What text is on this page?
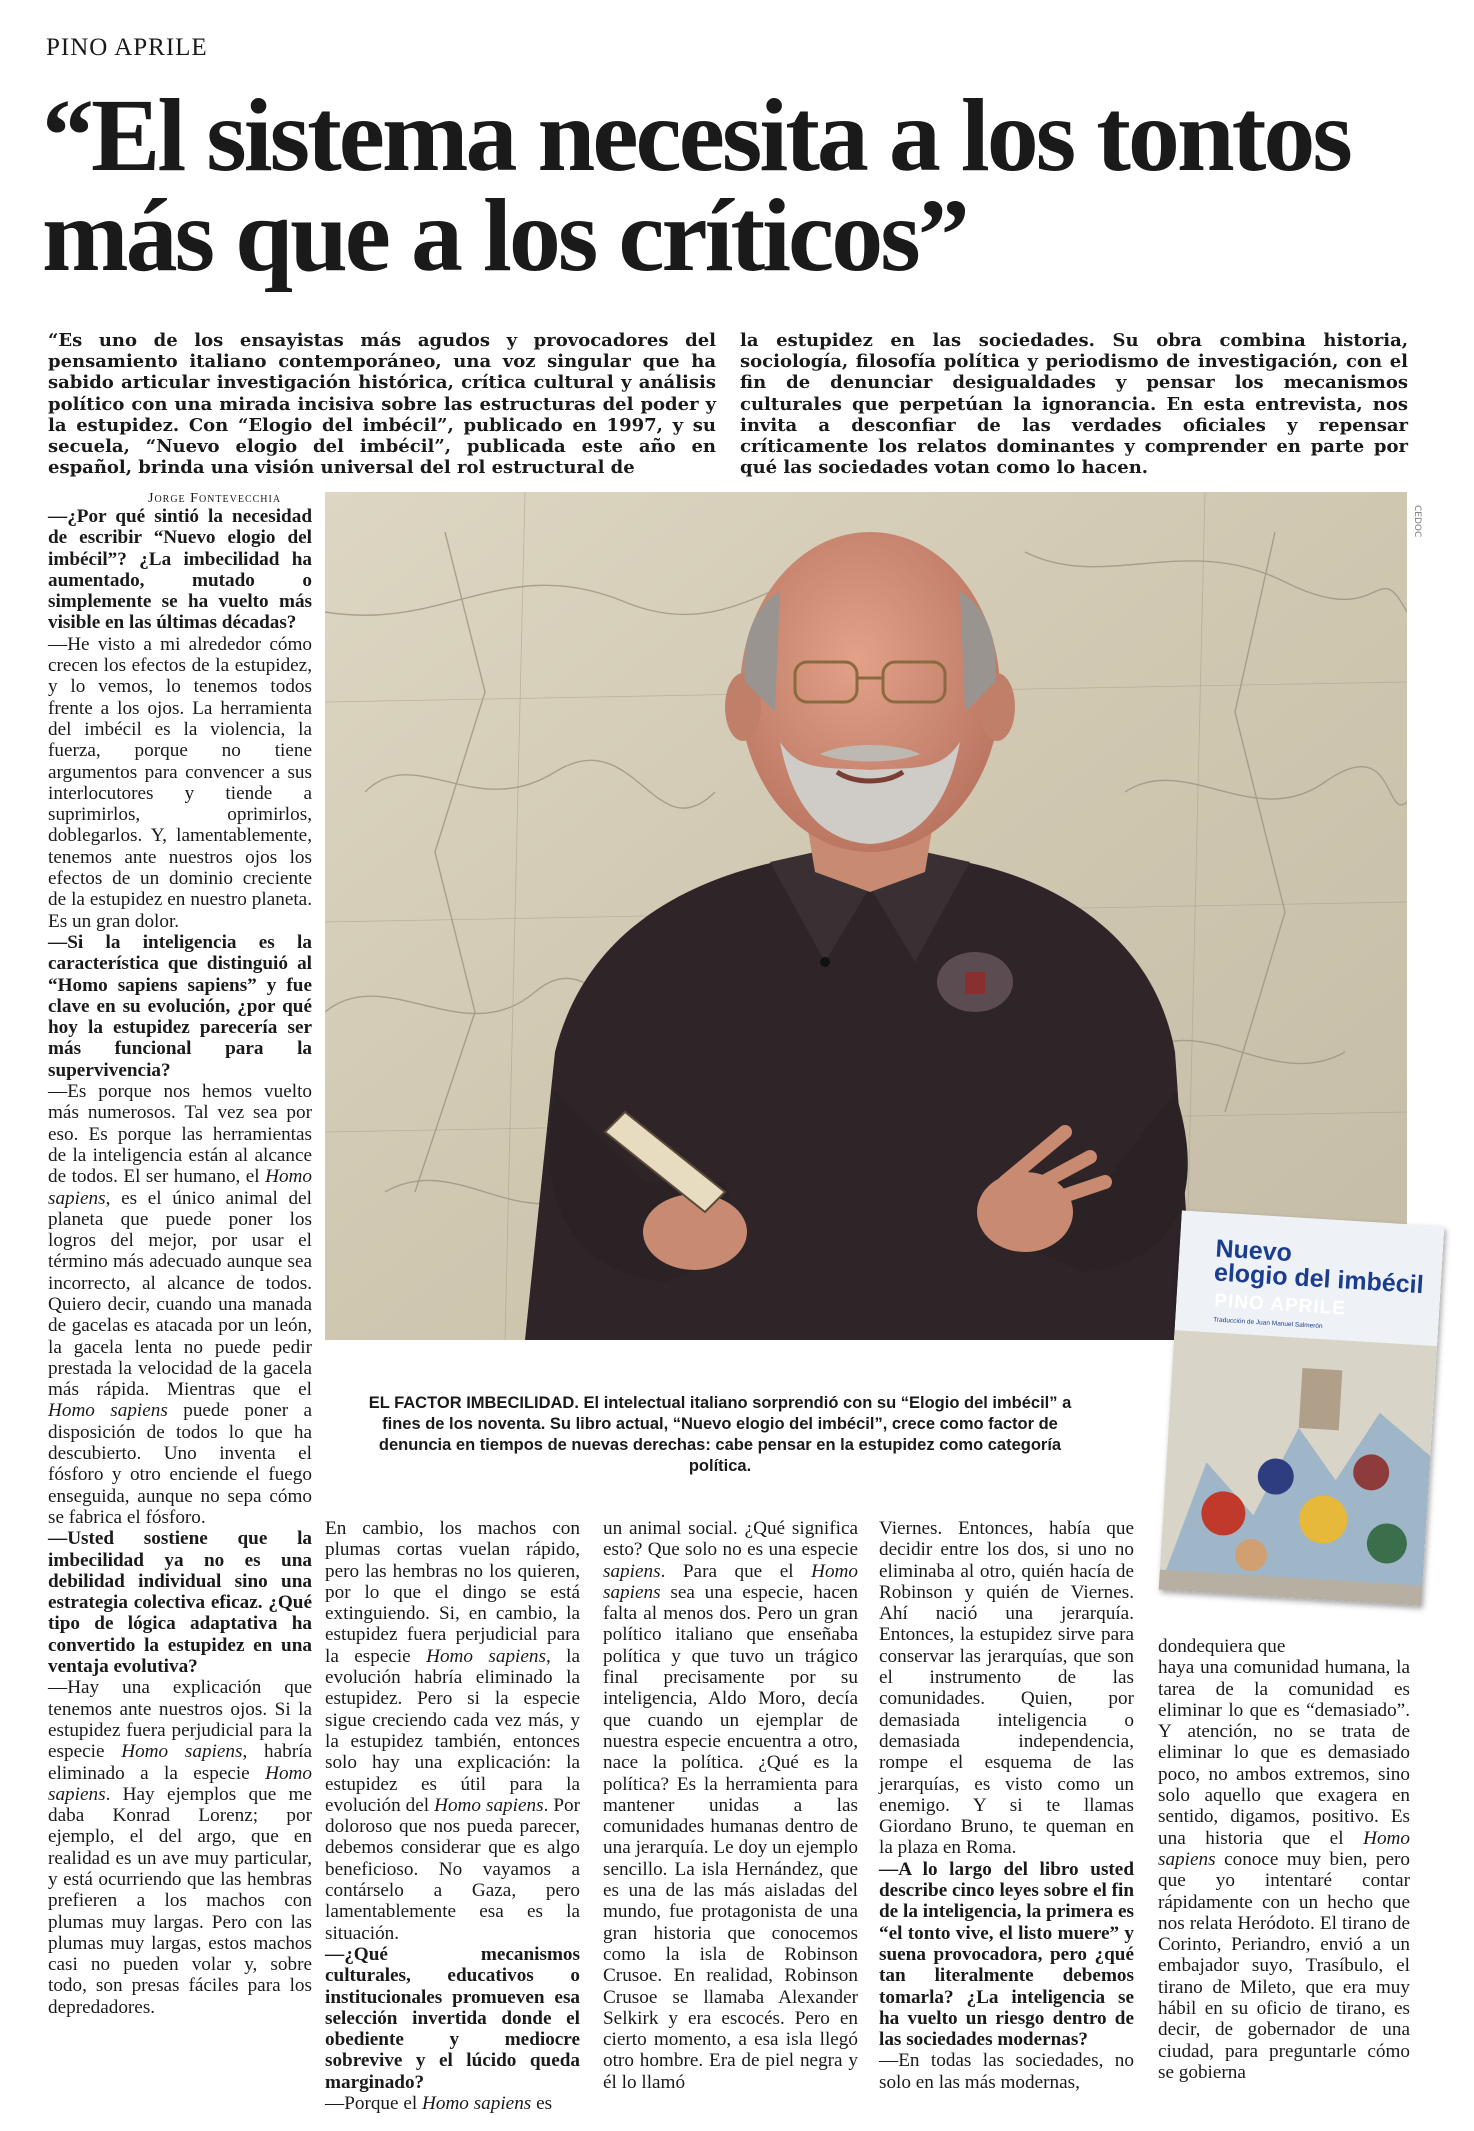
PINO APRILE
“El sistema necesita a los tontos más que a los críticos”

“Es uno de los ensayistas más agudos y provocadores del pensamiento italiano contemporáneo, una voz singular que ha sabido articular investigación histórica, crítica cultural y análisis político con una mirada incisiva sobre las estructuras del poder y la estupidez. Con “Elogio del imbécil”, publicado en 1997, y su secuela, “Nuevo elogio del imbécil”, publicada este año en español, brinda una visión universal del rol estructural de

la estupidez en las sociedades. Su obra combina historia, sociología, filosofía política y periodismo de investigación, con el fin de denunciar desigualdades y pensar los mecanismos culturales que perpetúan la ignorancia. En esta entrevista, nos invita a desconfiar de las verdades oficiales y repensar críticamente los relatos dominantes y comprender en parte por qué las sociedades votan como lo hacen.

Jorge Fontevecchia

—¿Por qué sintió la necesidad de escribir “Nuevo elogio del imbécil”? ¿La imbecilidad ha aumentado, mutado o simplemente se ha vuelto más visible en las últimas décadas?

—He visto a mi alrededor cómo crecen los efectos de la estupidez, y lo vemos, lo tenemos todos frente a los ojos. La herramienta del imbécil es la violencia, la fuerza, porque no tiene argumentos para convencer a sus interlocutores y tiende a suprimirlos, oprimirlos, doblegarlos. Y, lamentablemente, tenemos ante nuestros ojos los efectos de un dominio creciente de la estupidez en nuestro planeta. Es un gran dolor.

—Si la inteligencia es la característica que distinguió al “Homo sapiens sapiens” y fue clave en su evolución, ¿por qué hoy la estupidez parecería ser más funcional para la supervivencia?

—Es porque nos hemos vuelto más numerosos. Tal vez sea por eso. Es porque las herramientas de la inteligencia están al alcance de todos. El ser humano, el Homo sapiens, es el único animal del planeta que puede poner los logros del mejor, por usar el término más adecuado aunque sea incorrecto, al alcance de todos. Quiero decir, cuando una manada de gacelas es atacada por un león, la gacela lenta no puede pedir prestada la velocidad de la gacela más rápida. Mientras que el Homo sapiens puede poner a disposición de todos lo que ha descubierto. Uno inventa el fósforo y otro enciende el fuego enseguida, aunque no sepa cómo se fabrica el fósforo.

—Usted sostiene que la imbecilidad ya no es una debilidad individual sino una estrategia colectiva eficaz. ¿Qué tipo de lógica adaptativa ha convertido la estupidez en una ventaja evolutiva?

—Hay una explicación que tenemos ante nuestros ojos. Si la estupidez fuera perjudicial para la especie Homo sapiens, habría eliminado a la especie Homo sapiens. Hay ejemplos que me daba Konrad Lorenz; por ejemplo, el del argo, que en realidad es un ave muy particular, y está ocurriendo que las hembras prefieren a los machos con plumas muy largas. Pero con las plumas muy largas, estos machos casi no pueden volar y, sobre todo, son presas fáciles para los depredadores.

CEDOC
EL FACTOR IMBECILIDAD. El intelectual italiano sorprendió con su “Elogio del imbécil” a fines de los noventa. Su libro actual, “Nuevo elogio del imbécil”, crece como factor de denuncia en tiempos de nuevas derechas: cabe pensar en la estupidez como categoría política.
Nuevo
elogio del imbécil
PINO APRILE
Traducción de Juan Manuel Salmerón

En cambio, los machos con plumas cortas vuelan rápido, pero las hembras no los quieren, por lo que el dingo se está extinguiendo. Si, en cambio, la estupidez fuera perjudicial para la especie Homo sapiens, la evolución habría eliminado la estupidez. Pero si la especie sigue creciendo cada vez más, y la estupidez también, entonces solo hay una explicación: la estupidez es útil para la evolución del Homo sapiens. Por doloroso que nos pueda parecer, debemos considerar que es algo beneficioso. No vayamos a contárselo a Gaza, pero lamentablemente esa es la situación.

—¿Qué mecanismos culturales, educativos o institucionales promueven esa selección invertida donde el obediente y mediocre sobrevive y el lúcido queda marginado?

—Porque el Homo sapiens es

un animal social. ¿Qué significa esto? Que solo no es una especie sapiens. Para que el Homo sapiens sea una especie, hacen falta al menos dos. Pero un gran político italiano que enseñaba política y que tuvo un trágico final precisamente por su inteligencia, Aldo Moro, decía que cuando un ejemplar de nuestra especie encuentra a otro, nace la política. ¿Qué es la política? Es la herramienta para mantener unidas a las comunidades humanas dentro de una jerarquía. Le doy un ejemplo sencillo. La isla Hernández, que es una de las más aisladas del mundo, fue protagonista de una gran historia que conocemos como la isla de Robinson Crusoe. En realidad, Robinson Crusoe se llamaba Alexander Selkirk y era escocés. Pero en cierto momento, a esa isla llegó otro hombre. Era de piel negra y él lo llamó

Viernes. Entonces, había que decidir entre los dos, si uno no eliminaba al otro, quién hacía de Robinson y quién de Viernes. Ahí nació una jerarquía. Entonces, la estupidez sirve para conservar las jerarquías, que son el instrumento de las comunidades. Quien, por demasiada inteligencia o demasiada independencia, rompe el esquema de las jerarquías, es visto como un enemigo. Y si te llamas Giordano Bruno, te queman en la plaza en Roma.

—A lo largo del libro usted describe cinco leyes sobre el fin de la inteligencia, la primera es “el tonto vive, el listo muere” y suena provocadora, pero ¿qué tan literalmente debemos tomarla? ¿La inteligencia se ha vuelto un riesgo dentro de las sociedades modernas?

—En todas las sociedades, no solo en las más modernas,

dondequiera que

haya una comunidad humana, la tarea de la comunidad es eliminar lo que es “demasiado”. Y atención, no se trata de eliminar lo que es demasiado poco, no ambos extremos, sino solo aquello que exagera en sentido, digamos, positivo. Es una historia que el Homo sapiens conoce muy bien, pero que yo intentaré contar rápidamente con un hecho que nos relata Heródoto. El tirano de Corinto, Periandro, envió a un embajador suyo, Trasíbulo, el tirano de Mileto, que era muy hábil en su oficio de tirano, es decir, de gobernador de una ciudad, para preguntarle cómo se gobierna
